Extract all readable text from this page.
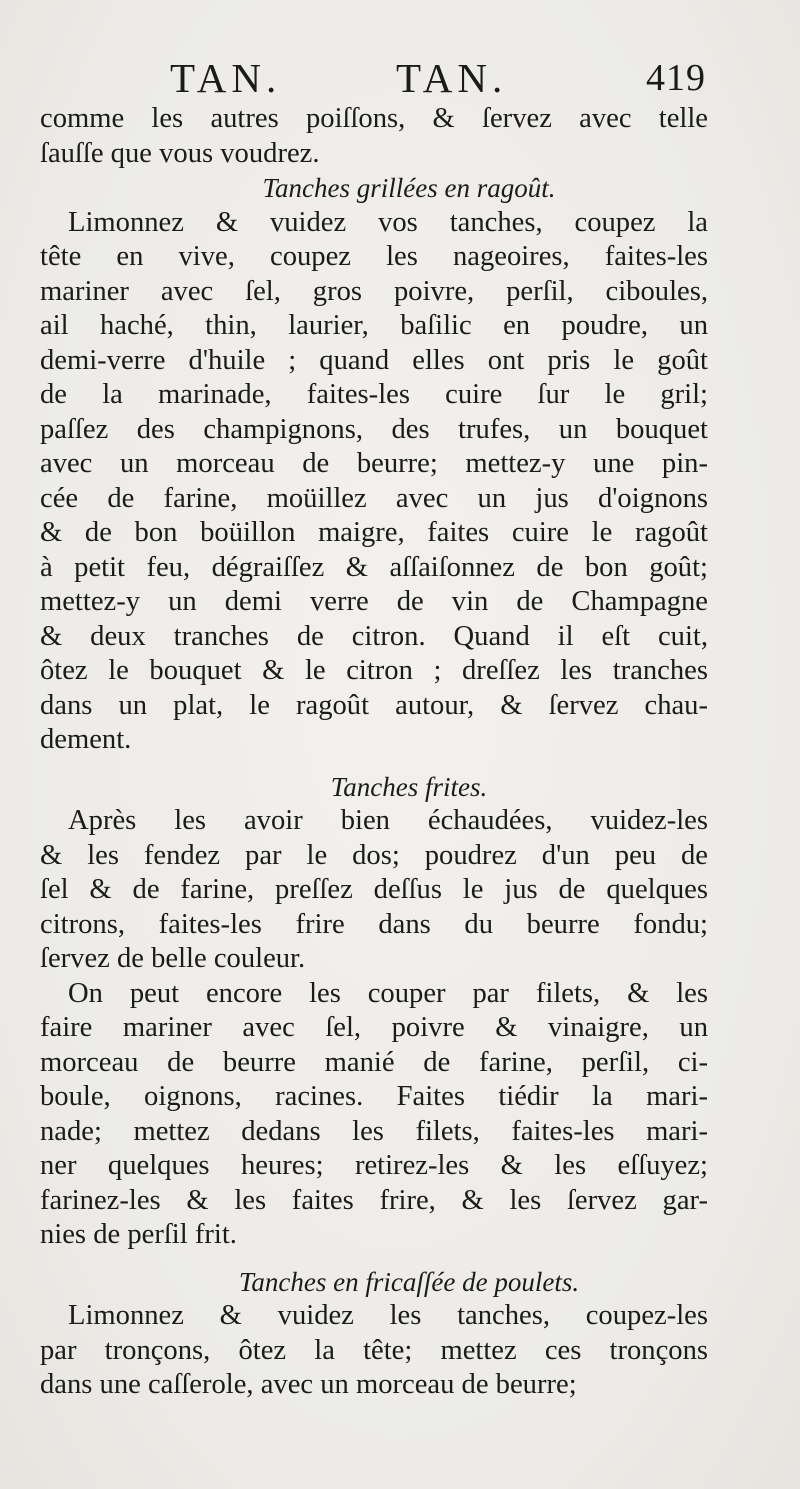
TAN.	TAN.	419
comme les autres poiſſons, & ſervez avec telle
ſauſſe que vous voudrez.
Tanches grillées en ragoût.
Limonnez & vuidez vos tanches, coupez la
tête en vive, coupez les nageoires, faites-les
mariner avec ſel, gros poivre, perſil, ciboules,
ail haché, thin, laurier, baſilic en poudre, un
demi-verre d'huile ; quand elles ont pris le goût
de la marinade, faites-les cuire ſur le gril;
paſſez des champignons, des trufes, un bouquet
avec un morceau de beurre; mettez-y une pin-
cée de farine, moüillez avec un jus d'oignons
& de bon boüillon maigre, faites cuire le ragoût
à petit feu, dégraiſſez & aſſaiſonnez de bon goût;
mettez-y un demi verre de vin de Champagne
& deux tranches de citron. Quand il eſt cuit,
ôtez le bouquet & le citron ; dreſſez les tranches
dans un plat, le ragoût autour, & ſervez chau-
dement.
Tanches frites.
Après les avoir bien échaudées, vuidez-les
& les fendez par le dos; poudrez d'un peu de
ſel & de farine, preſſez deſſus le jus de quelques
citrons, faites-les frire dans du beurre fondu;
ſervez de belle couleur.
On peut encore les couper par filets, & les
faire mariner avec ſel, poivre & vinaigre, un
morceau de beurre manié de farine, perſil, ci-
boule, oignons, racines. Faites tiédir la mari-
nade; mettez dedans les filets, faites-les mari-
ner quelques heures; retirez-les & les eſſuyez;
farinez-les & les faites frire, & les ſervez gar-
nies de perſil frit.
Tanches en fricaſſée de poulets.
Limonnez & vuidez les tanches, coupez-les
par tronçons, ôtez la tête; mettez ces tronçons
dans une caſſerole, avec un morceau de beurre;
